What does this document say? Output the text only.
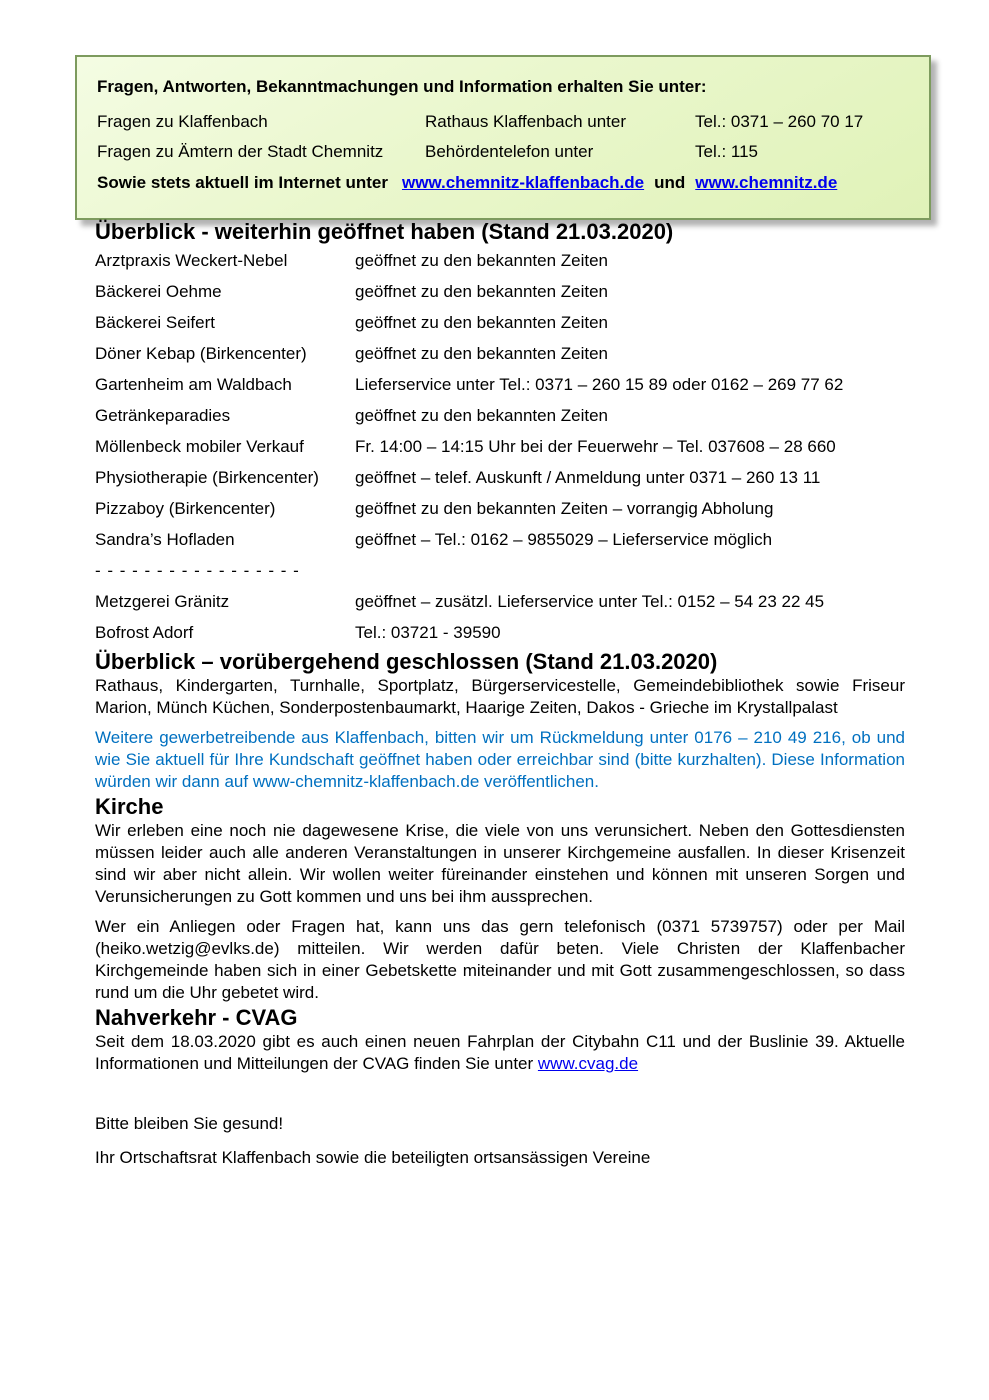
Fragen, Antworten, Bekanntmachungen und Information erhalten Sie unter:
Fragen zu Klaffenbach	Rathaus Klaffenbach unter	Tel.: 0371 – 260 70 17
Fragen zu Ämtern der Stadt Chemnitz	Behördentelefon unter	Tel.: 115
Sowie stets aktuell im Internet unter www.chemnitz-klaffenbach.de und www.chemnitz.de
Überblick - weiterhin geöffnet haben (Stand 21.03.2020)
Arztpraxis Weckert-Nebel	geöffnet zu den bekannten Zeiten
Bäckerei Oehme	geöffnet zu den bekannten Zeiten
Bäckerei Seifert	geöffnet zu den bekannten Zeiten
Döner Kebap (Birkencenter)	geöffnet zu den bekannten Zeiten
Gartenheim am Waldbach	Lieferservice unter Tel.: 0371 – 260 15 89 oder 0162 – 269 77 62
Getränkeparadies	geöffnet zu den bekannten Zeiten
Möllenbeck mobiler Verkauf	Fr. 14:00 – 14:15 Uhr bei der Feuerwehr – Tel. 037608 – 28 660
Physiotherapie (Birkencenter)	geöffnet – telef. Auskunft / Anmeldung unter 0371 – 260 13 11
Pizzaboy (Birkencenter)	geöffnet zu den bekannten Zeiten – vorrangig Abholung
Sandra’s Hofladen	geöffnet – Tel.: 0162 – 9855029 – Lieferservice möglich
- - - - - - - - - - - - - - - - -
Metzgerei Gränitz	geöffnet – zusätzl. Lieferservice unter Tel.: 0152 – 54 23 22 45
Bofrost Adorf	Tel.: 03721 - 39590
Überblick – vorübergehend geschlossen (Stand 21.03.2020)

Rathaus, Kindergarten, Turnhalle, Sportplatz, Bürgerservicestelle, Gemeindebibliothek sowie Friseur Marion, Münch Küchen, Sonderpostenbaumarkt, Haarige Zeiten, Dakos - Grieche im Krystallpalast

Weitere gewerbetreibende aus Klaffenbach, bitten wir um Rückmeldung unter 0176 – 210 49 216, ob und wie Sie aktuell für Ihre Kundschaft geöffnet haben oder erreichbar sind (bitte kurzhalten). Diese Information würden wir dann auf www-chemnitz-klaffenbach.de veröffentlichen.

Kirche

Wir erleben eine noch nie dagewesene Krise, die viele von uns verunsichert. Neben den Gottesdiensten müssen leider auch alle anderen Veranstaltungen in unserer Kirchgemeine ausfallen. In dieser Krisenzeit sind wir aber nicht allein. Wir wollen weiter füreinander einstehen und können mit unseren Sorgen und Verunsicherungen zu Gott kommen und uns bei ihm aussprechen.

Wer ein Anliegen oder Fragen hat, kann uns das gern telefonisch (0371 5739757) oder per Mail (heiko.wetzig@evlks.de) mitteilen. Wir werden dafür beten. Viele Christen der Klaffenbacher Kirchgemeinde haben sich in einer Gebetskette miteinander und mit Gott zusammengeschlossen, so dass rund um die Uhr gebetet wird.

Nahverkehr - CVAG

Seit dem 18.03.2020 gibt es auch einen neuen Fahrplan der Citybahn C11 und der Buslinie 39. Aktuelle Informationen und Mitteilungen der CVAG finden Sie unter www.cvag.de

Bitte bleiben Sie gesund!

Ihr Ortschaftsrat Klaffenbach sowie die beteiligten ortsansässigen Vereine
